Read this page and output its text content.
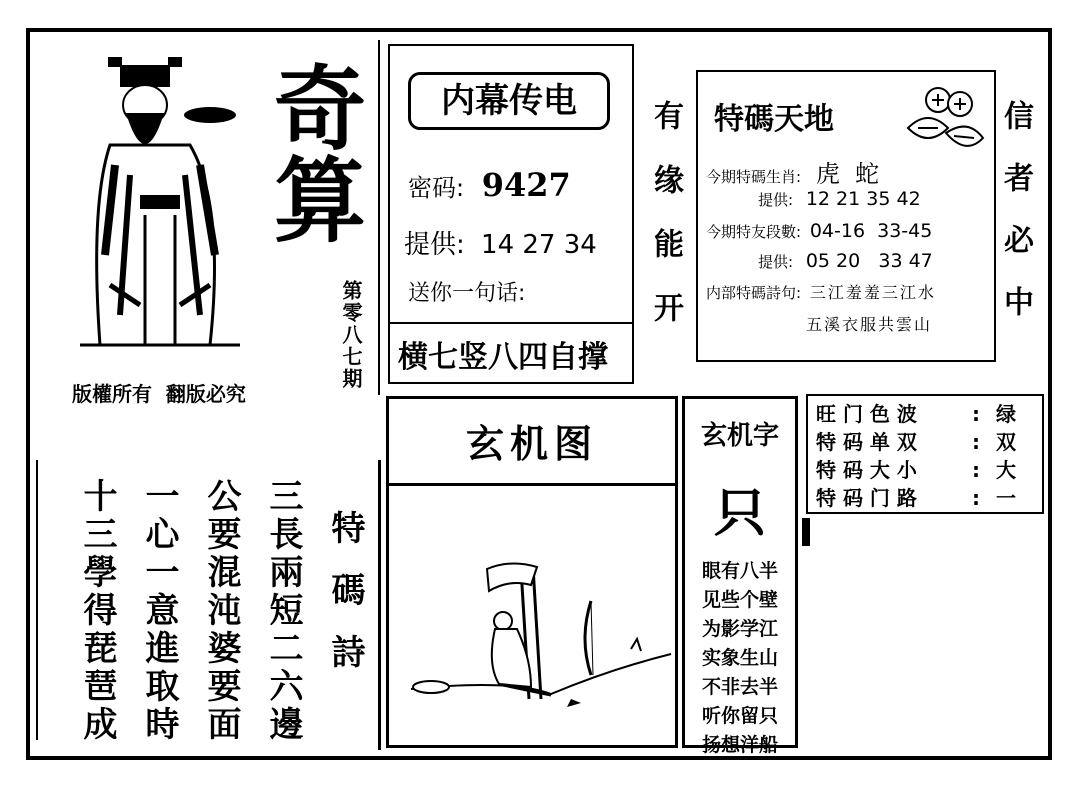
奇算
第零八七期
版權所有  翻版必究
特碼詩
三長兩短二六邊
公要混沌婆要面
一心一意進取時
十三學得琵琶成
内幕传电
密码: 9427
提供: 14 27 34
送你一句话:
横七竖八四自撑
有缘能开 特碼天地
今期特碼生肖: 虎  蛇
提供: 12 21 35 42
今期特友段數: 04-16  33-45
提供: 05 20   33 47
内部特碼詩句: 三江羞羞三江水
五溪衣服共雲山 信者必中
玄机图	玄机字
只
眼有八半
见些个壁
为影学江
实象生山
不非去半
听你留只
扬想洋船
旺 门 色 波	: 绿
特 码 单 双	: 双
特 码 大 小	: 大
特 码 门 路	: 一
